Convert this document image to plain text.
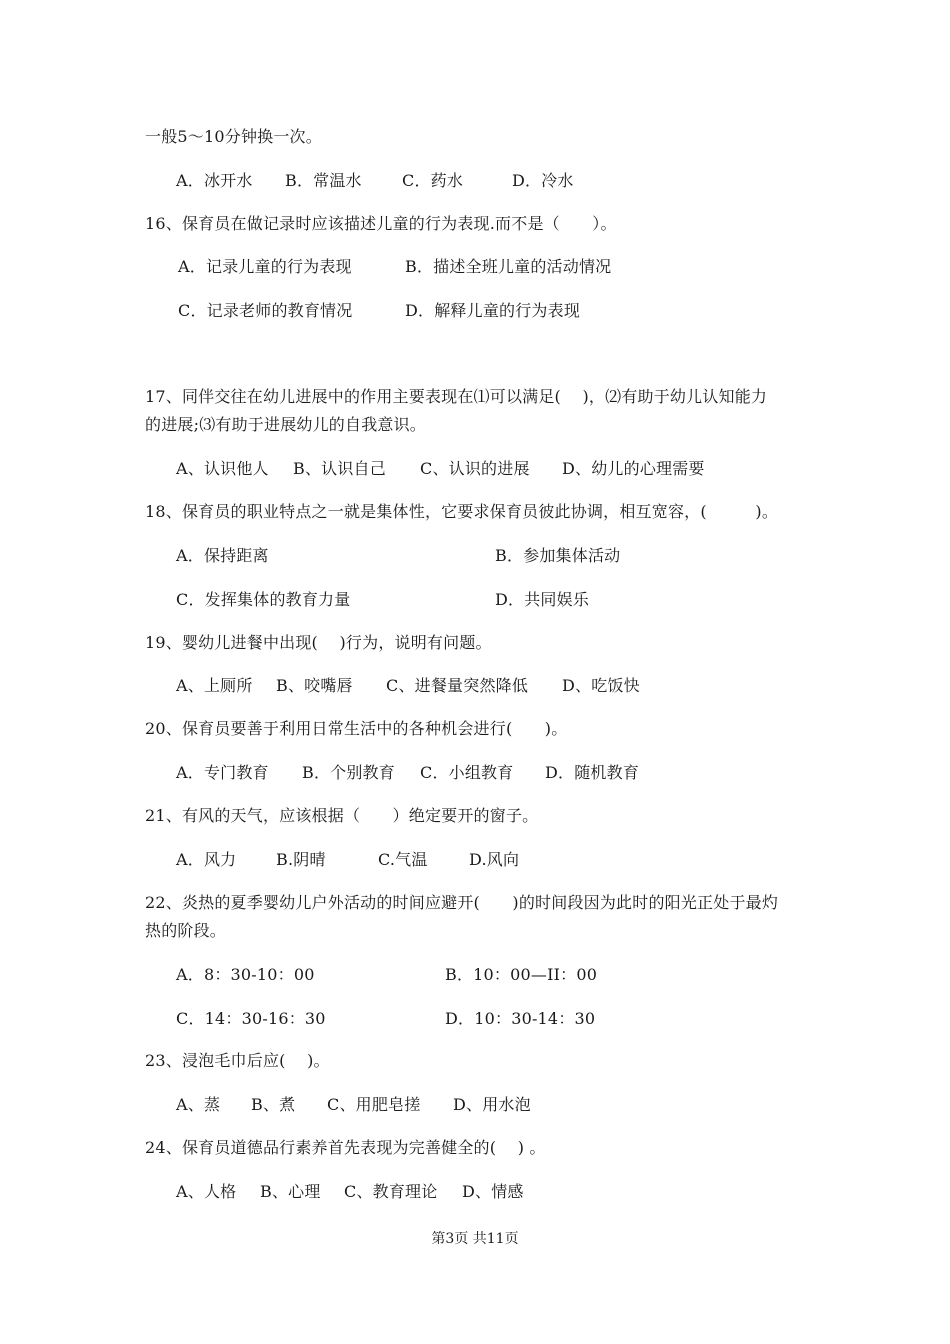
一般5～10分钟换一次。
A．冰开水 B．常温水	C．药水	D．冷水
16、保育员在做记录时应该描述儿童的行为表现.而不是（　　）。
A．记录儿童的行为表现	B．描述全班儿童的活动情况
C．记录老师的教育情况	D．解释儿童的行为表现
17、同伴交往在幼儿进展中的作用主要表现在⑴可以满足(　 )，⑵有助于幼儿认知能力
的进展;⑶有助于进展幼儿的自我意识。
A、认识他人 B、认识自己 C、认识的进展 D、幼儿的心理需要
18、保育员的职业特点之一就是集体性，它要求保育员彼此协调，相互宽容，(　　　)。
A．保持距离	B．参加集体活动
C．发挥集体的教育力量	D．共同娱乐
19、婴幼儿进餐中出现(　 )行为，说明有问题。
A、上厕所 B、咬嘴唇 C、进餐量突然降低 D、吃饭快
20、保育员要善于利用日常生活中的各种机会进行(　　)。
A．专门教育 B．个别教育 C．小组教育 D．随机教育
21、有风的天气，应该根据（　　）绝定要开的窗子。
A．风力 B.阴晴	C.气温	D.风向
22、炎热的夏季婴幼儿户外活动的时间应避开(　　)的时间段因为此时的阳光正处于最灼
热的阶段。
A．8：30-10：00	B．10：00—II：00
C．14：30-16：30	D．10：30-14：30
23、浸泡毛巾后应(　 )。
A、蒸 B、煮 C、用肥皂搓 D、用水泡
24、保育员道德品行素养首先表现为完善健全的(　 ) 。
A、人格 B、心理 C、教育理论 D、情感
第3页 共11页
